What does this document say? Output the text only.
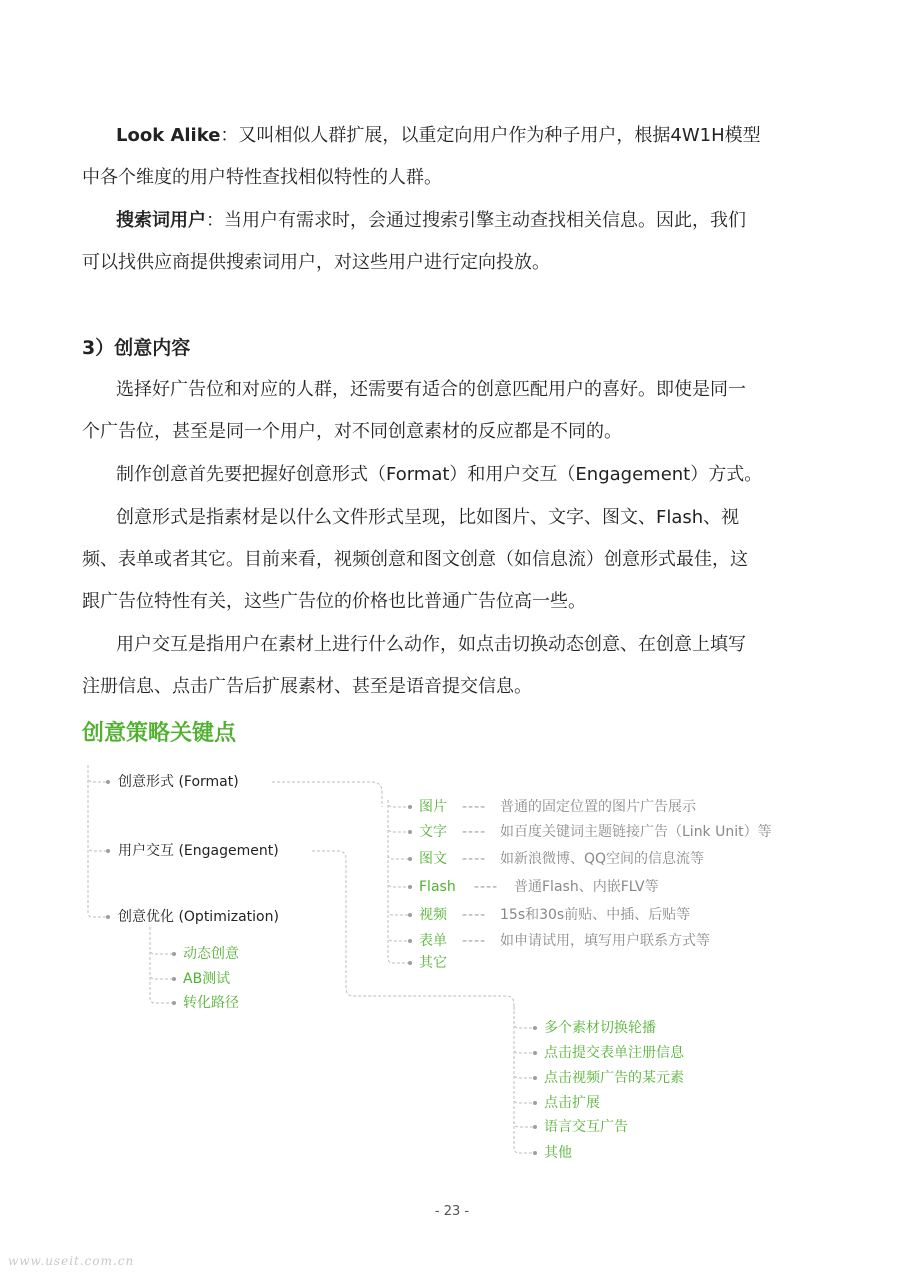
Look Alike：又叫相似人群扩展，以重定向用户作为种子用户，根据4W1H模型
中各个维度的用户特性查找相似特性的人群。
搜索词用户：当用户有需求时，会通过搜索引擎主动查找相关信息。因此，我们
可以找供应商提供搜索词用户，对这些用户进行定向投放。
3）创意内容
选择好广告位和对应的人群，还需要有适合的创意匹配用户的喜好。即使是同一
个广告位，甚至是同一个用户，对不同创意素材的反应都是不同的。
制作创意首先要把握好创意形式（Format）和用户交互（Engagement）方式。
创意形式是指素材是以什么文件形式呈现，比如图片、文字、图文、Flash、视
频、表单或者其它。目前来看，视频创意和图文创意（如信息流）创意形式最佳，这
跟广告位特性有关，这些广告位的价格也比普通广告位高一些。
用户交互是指用户在素材上进行什么动作，如点击切换动态创意、在创意上填写
注册信息、点击广告后扩展素材、甚至是语音提交信息。
创意策略关键点
创意形式 (Format)
用户交互 (Engagement)
创意优化 (Optimization)
图片 ---- 普通的固定位置的图片广告展示
文字 ---- 如百度关键词主题链接广告（Link Unit）等
图文 ---- 如新浪微博、QQ空间的信息流等
Flash ---- 普通Flash、内嵌FLV等
视频 ---- 15s和30s前贴、中插、后贴等
表单 ---- 如申请试用，填写用户联系方式等
其它
动态创意
AB测试
转化路径
多个素材切换轮播
点击提交表单注册信息
点击视频广告的某元素
点击扩展
语言交互广告
其他
- 23 -
www.useit.com.cn
